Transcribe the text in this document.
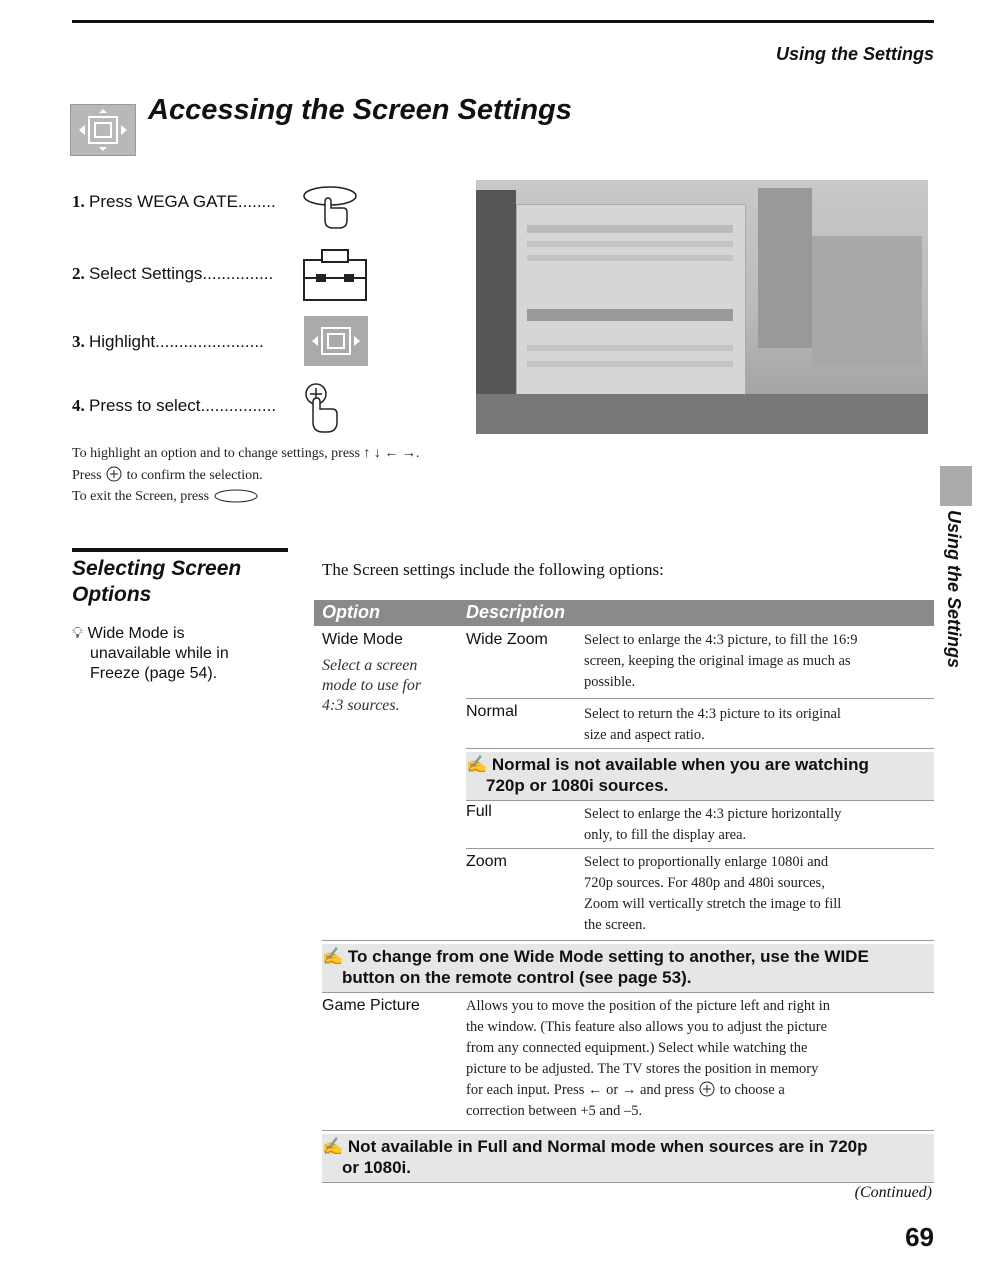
Using the Settings
Accessing the Screen Settings
1. Press WEGA GATE........
2. Select Settings...............
3. Highlight.......................
4. Press to select................
To highlight an option and to change settings, press ↑ ↓ ← →.
Press to confirm the selection.
To exit the Screen, press
Using the Settings
Selecting Screen
Options
💡︎ Wide Mode is
unavailable while in
Freeze (page 54).
The Screen settings include the following options:
Option	Description
Wide Mode
Select a screen
mode to use for
4:3 sources.
Wide Zoom Select to enlarge the 4:3 picture, to fill the 16:9
screen, keeping the original image as much as
possible.
Normal	Select to return the 4:3 picture to its original
size and aspect ratio.
✍ Normal is not available when you are watching
720p or 1080i sources.
Full	Select to enlarge the 4:3 picture horizontally
only, to fill the display area.
Zoom	Select to proportionally enlarge 1080i and
720p sources. For 480p and 480i sources,
Zoom will vertically stretch the image to fill
the screen.
✍ To change from one Wide Mode setting to another, use the WIDE
button on the remote control (see page 53).
Game Picture	Allows you to move the position of the picture left and right in
the window. (This feature also allows you to adjust the picture
from any connected equipment.) Select while watching the
picture to be adjusted. The TV stores the position in memory
for each input. Press ← or → and press to choose a
correction between +5 and –5.
✍ Not available in Full and Normal mode when sources are in 720p
or 1080i.
(Continued)
69
